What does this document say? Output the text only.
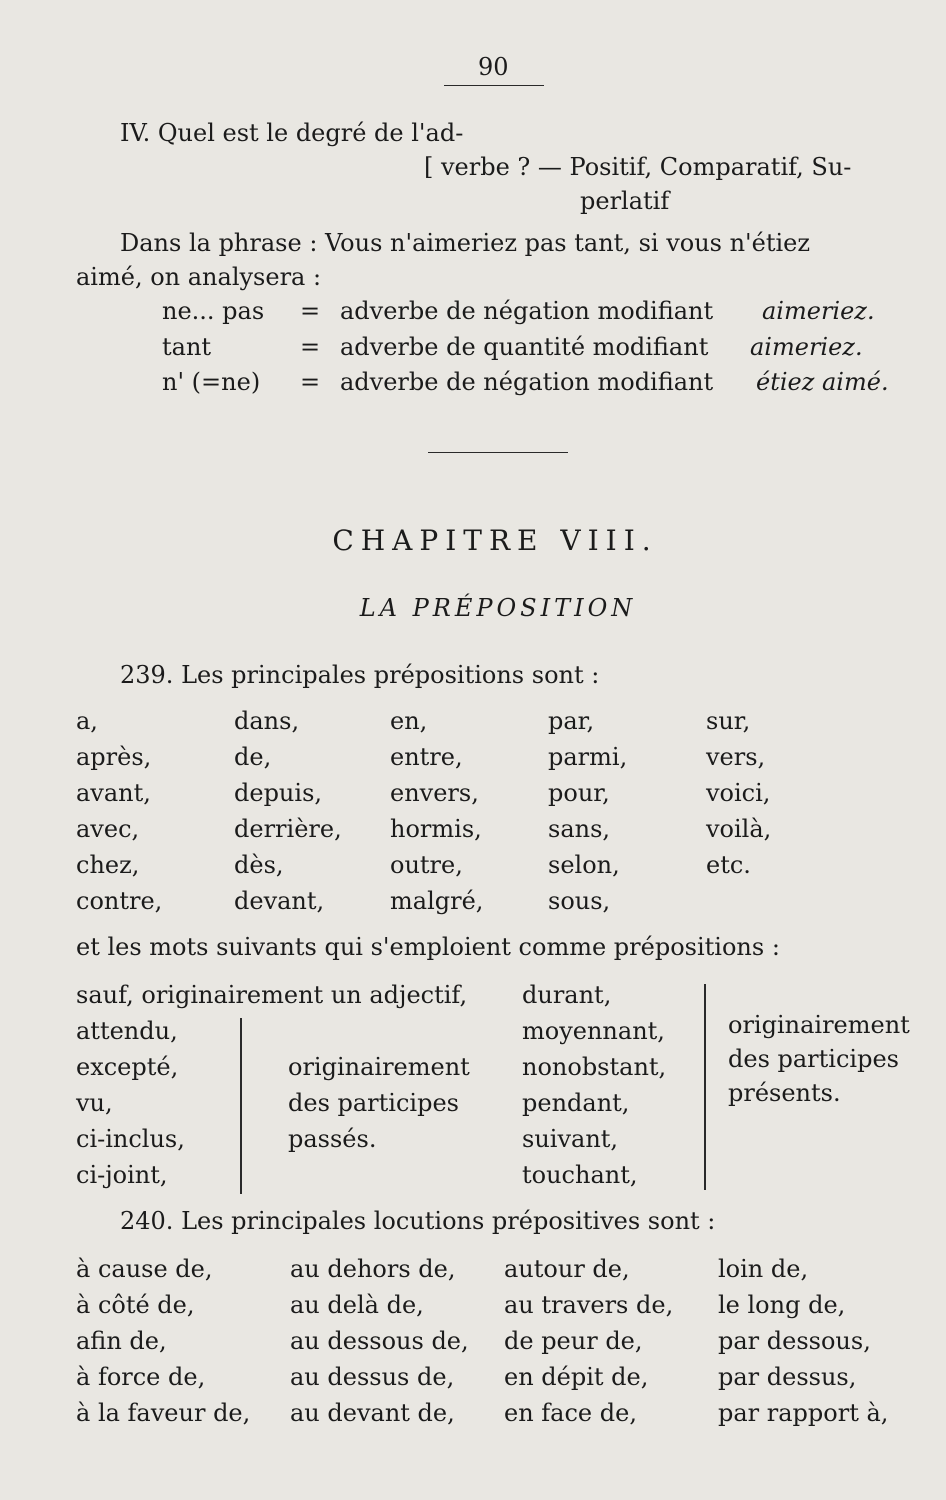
90
IV. Quel est le degré de l'ad-
[ verbe ? — Positif, Comparatif, Su-
perlatif
Dans la phrase : Vous n'aimeriez pas tant, si vous n'étiez
aimé, on analysera :
ne... pas = adverbe de négation modifiant aimeriez.
tant	= adverbe de quantité modifiant aimeriez.
n' (=ne) = adverbe de négation modifiant étiez aimé.
CHAPITRE VIII.
LA PRÉPOSITION
239. Les principales prépositions sont :
a,
après,
avant,
avec,
chez,
contre,
dans,
de,
depuis,
derrière,
dès,
devant,
en,
entre,
envers,
hormis,
outre,
malgré,
par,
parmi,
pour,
sans,
selon,
sous,
sur,
vers,
voici,
voilà,
etc.
et les mots suivants qui s'emploient comme prépositions :
sauf, originairement un adjectif,
attendu,
excepté,
vu,
ci-inclus,
ci-joint,
originairement
des participes
passés.
durant,
moyennant,
nonobstant,
pendant,
suivant,
touchant,
originairement
des participes
présents.
240. Les principales locutions prépositives sont :
à cause de,
à côté de,
afin de,
à force de,
à la faveur de,
au dehors de,
au delà de,
au dessous de,
au dessus de,
au devant de,
autour de,
au travers de,
de peur de,
en dépit de,
en face de,
loin de,
le long de,
par dessous,
par dessus,
par rapport à,
